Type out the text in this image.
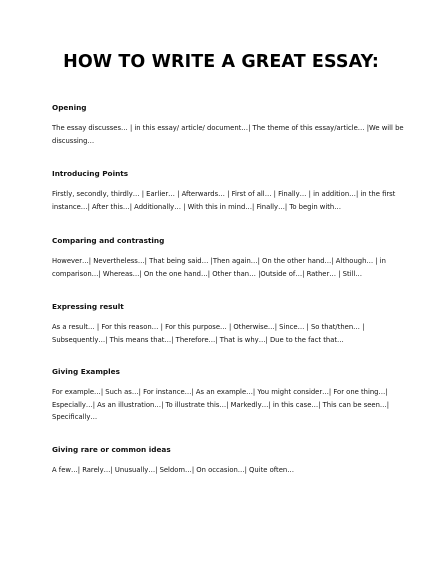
HOW TO WRITE A GREAT ESSAY:

Opening

The essay discusses… | in this essay/ article/ document…| The theme of this essay/article… |We will be
discussing…

Introducing Points

Firstly, secondly, thirdly… | Earlier… | Afterwards… | First of all… | Finally… | in addition…| in the first
instance…| After this…| Additionally… | With this in mind…| Finally…| To begin with…

Comparing and contrasting

However…| Nevertheless…| That being said… |Then again…| On the other hand…| Although… | in
comparison…| Whereas…| On the one hand…| Other than… |Outside of…| Rather… | Still…

Expressing result

As a result… | For this reason… | For this purpose… | Otherwise…| Since… | So that/then… |
Subsequently…| This means that…| Therefore…| That is why…| Due to the fact that…

Giving Examples

For example…| Such as…| For instance…| As an example…| You might consider…| For one thing…|
Especially…| As an illustration…| To illustrate this…| Markedly…| in this case…| This can be seen…|
Specifically…

Giving rare or common ideas

A few…| Rarely…| Unusually…| Seldom…| On occasion…| Quite often…
